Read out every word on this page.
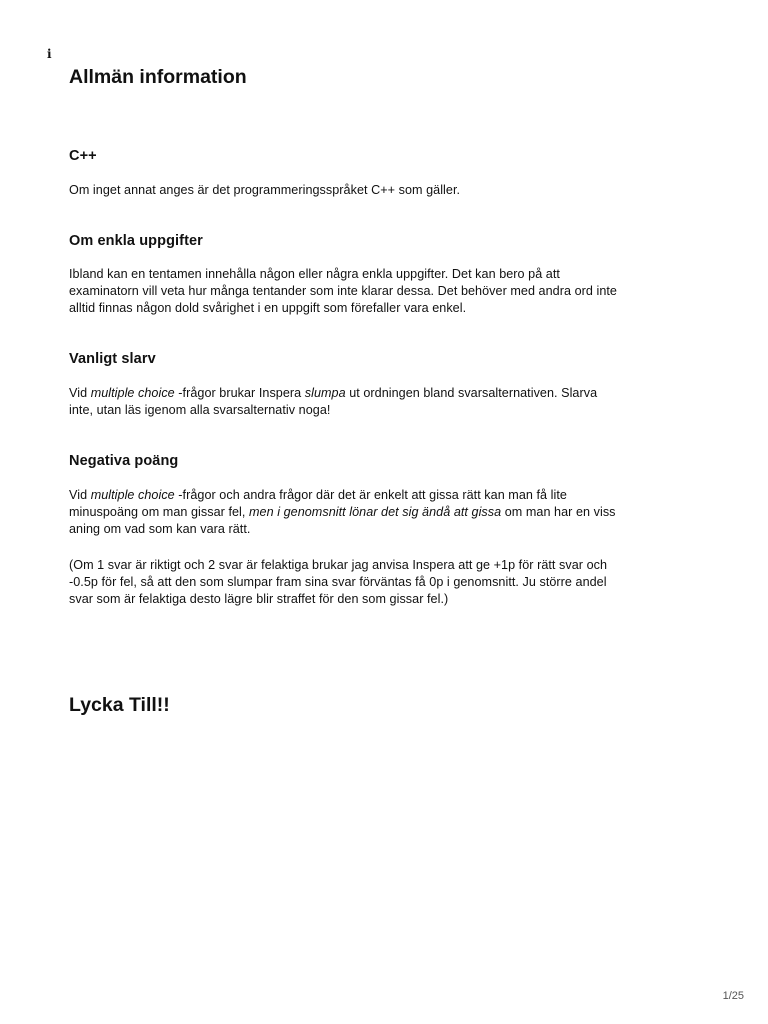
i
Allmän information
C++

Om inget annat anges är det programmeringsspråket C++ som gäller.

Om enkla uppgifter

Ibland kan en tentamen innehålla någon eller några enkla uppgifter. Det kan bero på att
examinatorn vill veta hur många tentander som inte klarar dessa. Det behöver med andra ord inte
alltid finnas någon dold svårighet i en uppgift som förefaller vara enkel.

Vanligt slarv

Vid multiple choice -frågor brukar Inspera slumpa ut ordningen bland svarsalternativen. Slarva
inte, utan läs igenom alla svarsalternativ noga!

Negativa poäng

Vid multiple choice -frågor och andra frågor där det är enkelt att gissa rätt kan man få lite
minuspoäng om man gissar fel, men i genomsnitt lönar det sig ändå att gissa om man har en viss
aning om vad som kan vara rätt.

(Om 1 svar är riktigt och 2 svar är felaktiga brukar jag anvisa Inspera att ge +1p för rätt svar och
-0.5p för fel, så att den som slumpar fram sina svar förväntas få 0p i genomsnitt. Ju större andel
svar som är felaktiga desto lägre blir straffet för den som gissar fel.)

Lycka Till!!
1/25
